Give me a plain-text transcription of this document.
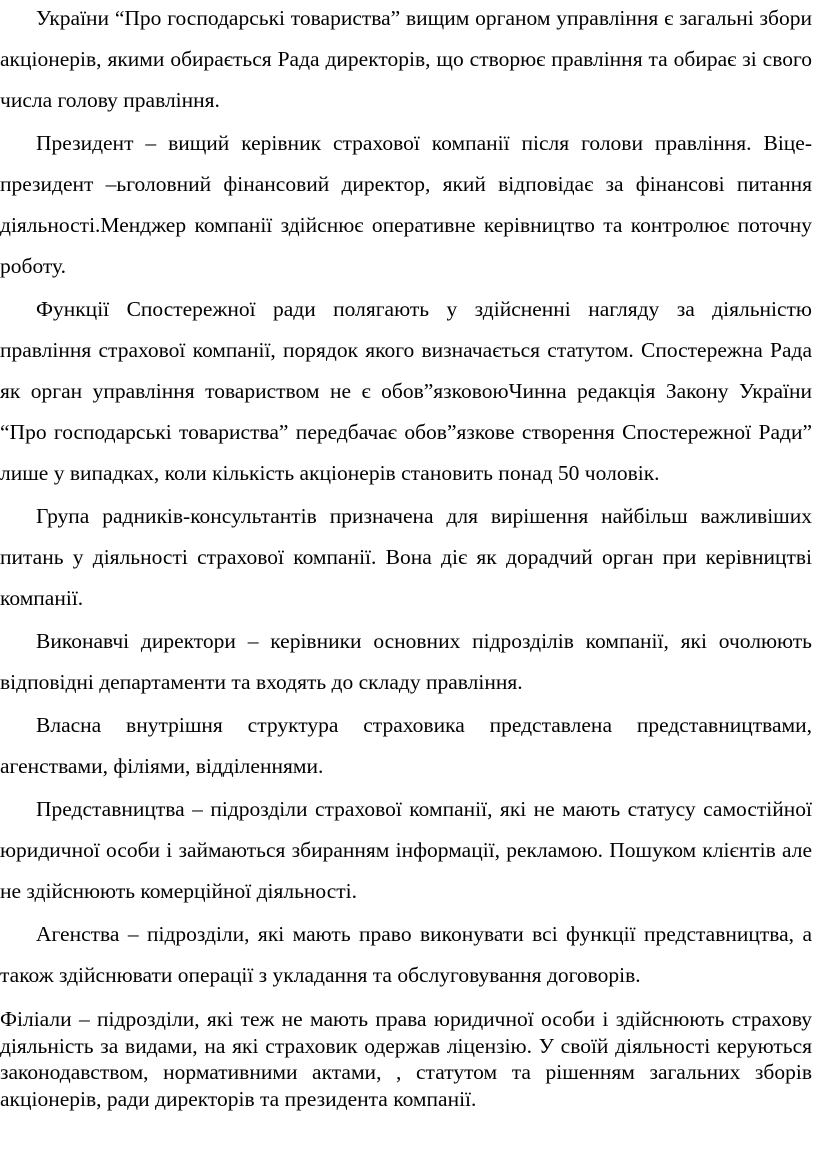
України “Про господарські товариства” вищим органом управління є загальні збори акціонерів, якими обирається Рада директорів, що створює правління та обирає зі свого числа голову правління.

Президент – вищий керівник страхової компанії після голови правління. Віце-президент –ьголовний фінансовий директор, який відповідає за фінансові питання діяльності.Менджер компанії здійснює оперативне керівництво та контролює поточну роботу.

Функції Спостережної ради полягають у здійсненні нагляду за діяльністю правління страхової компанії, порядок якого визначається статутом. Спостережна Рада як орган управління товариством не є обов”язковоюЧинна редакція Закону України “Про господарські товариства” передбачає обов”язкове створення Спостережної Ради” лише у випадках, коли кількість акціонерів становить понад 50 чоловік.

Група радників-консультантів призначена для вирішення найбільш важливіших питань у діяльності страхової компанії. Вона діє як дорадчий орган при керівництві компанії.

Виконавчі директори – керівники основних підрозділів компанії, які очолюють відповідні департаменти та входять до складу правління.

Власна внутрішня структура страховика представлена представництвами, агенствами, філіями, відділеннями.

Представництва – підрозділи страхової компанії, які не мають статусу самостійної юридичної особи і займаються збиранням інформації, рекламою. Пошуком клієнтів але не здійснюють комерційної діяльності.

Агенства – підрозділи, які мають право виконувати всі функції представництва, а також здійснювати операції з укладання та обслуговування договорів.

Філіали – підрозділи, які теж не мають права юридичної особи і здійснюють страхову діяльність за видами, на які страховик одержав ліцензію. У своїй діяльності керуються законодавством, нормативними актами, , статутом та рішенням загальних зборів акціонерів, ради директорів та президента компанії.
